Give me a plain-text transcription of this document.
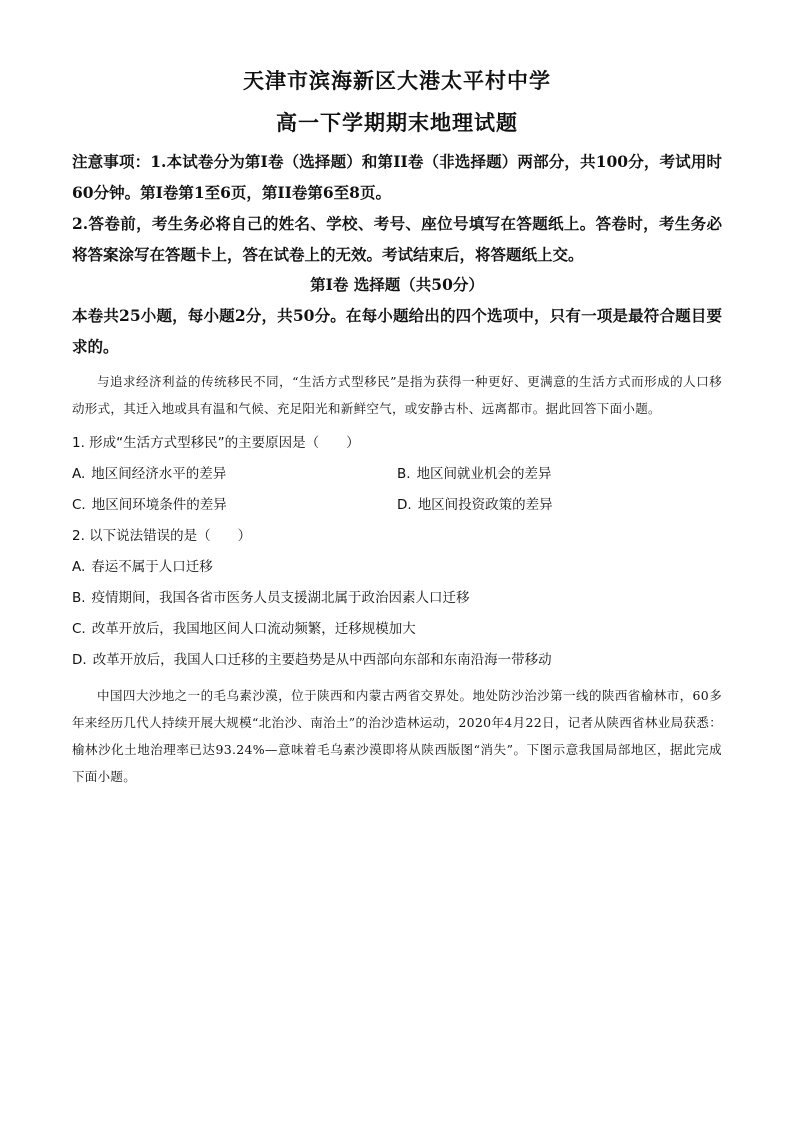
天津市滨海新区大港太平村中学
高一下学期期末地理试题

注意事项：1.本试卷分为第Ⅰ卷（选择题）和第II卷（非选择题）两部分，共100分，考试用时60分钟。第Ⅰ卷第1至6页，第II卷第6至8页。

2.答卷前，考生务必将自己的姓名、学校、考号、座位号填写在答题纸上。答卷时，考生务必将答案涂写在答题卡上，答在试卷上的无效。考试结束后，将答题纸上交。

第Ⅰ卷 选择题（共50分）

本卷共25小题，每小题2分，共50分。在每小题给出的四个选项中，只有一项是最符合题目要求的。

与追求经济利益的传统移民不同，“生活方式型移民”是指为获得一种更好、更满意的生活方式而形成的人口移动形式，其迁入地或具有温和气候、充足阳光和新鲜空气，或安静古朴、远离都市。据此回答下面小题。

1. 形成“生活方式型移民”的主要原因是（　　）

A. 地区间经济水平的差异	B. 地区间就业机会的差异
C. 地区间环境条件的差异	D. 地区间投资政策的差异

2. 以下说法错误的是（　　）

A. 春运不属于人口迁移
B. 疫情期间，我国各省市医务人员支援湖北属于政治因素人口迁移
C. 改革开放后，我国地区间人口流动频繁，迁移规模加大
D. 改革开放后，我国人口迁移的主要趋势是从中西部向东部和东南沿海一带移动

中国四大沙地之一的毛乌素沙漠，位于陕西和内蒙古两省交界处。地处防沙治沙第一线的陕西省榆林市，60多年来经历几代人持续开展大规模“北治沙、南治土”的治沙造林运动，2020年4月22日，记者从陕西省林业局获悉：榆林沙化土地治理率已达93.24%—意味着毛乌素沙漠即将从陕西版图“消失”。下图示意我国局部地区，据此完成下面小题。
